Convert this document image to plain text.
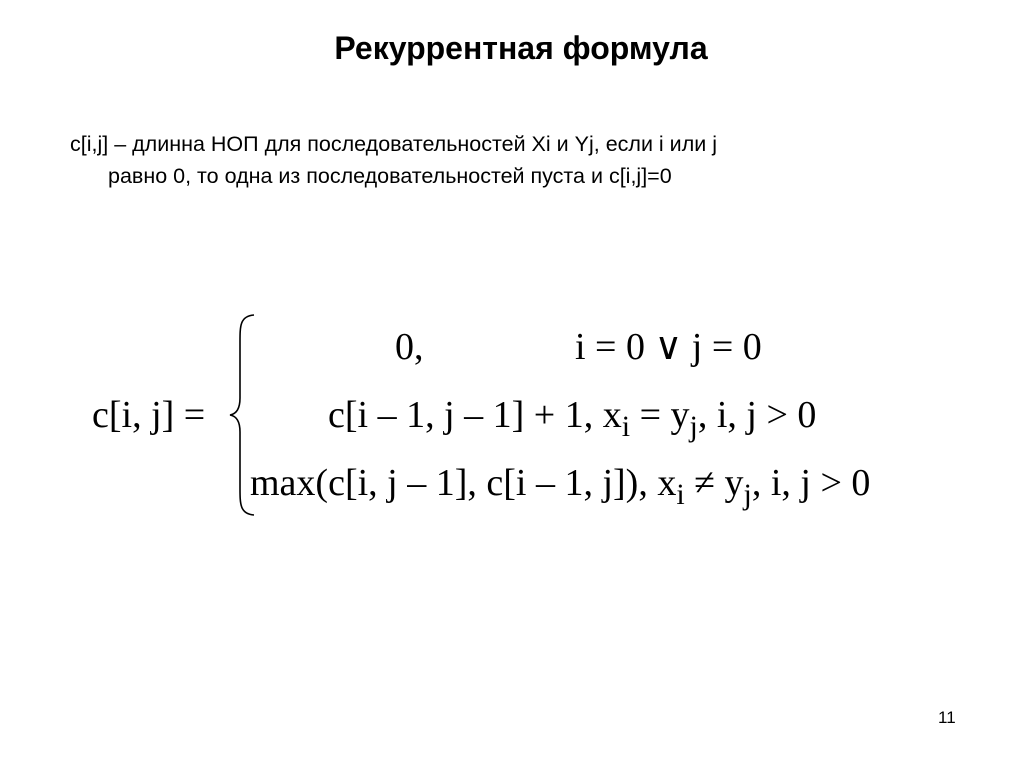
Рекуррентная формула
c[i,j] – длинна НОП для последовательностей Xi и Yj, если i или j
равно 0, то одна из последовательностей пуста и c[i,j]=0
c[i, j] =
0,	i = 0 ∨ j = 0
c[i – 1, j – 1] + 1, $x_i = y_j$, i, j > 0
max(c[i, j – 1], c[i – 1, j]), $x_i \ne y_j$, i, j > 0
11
